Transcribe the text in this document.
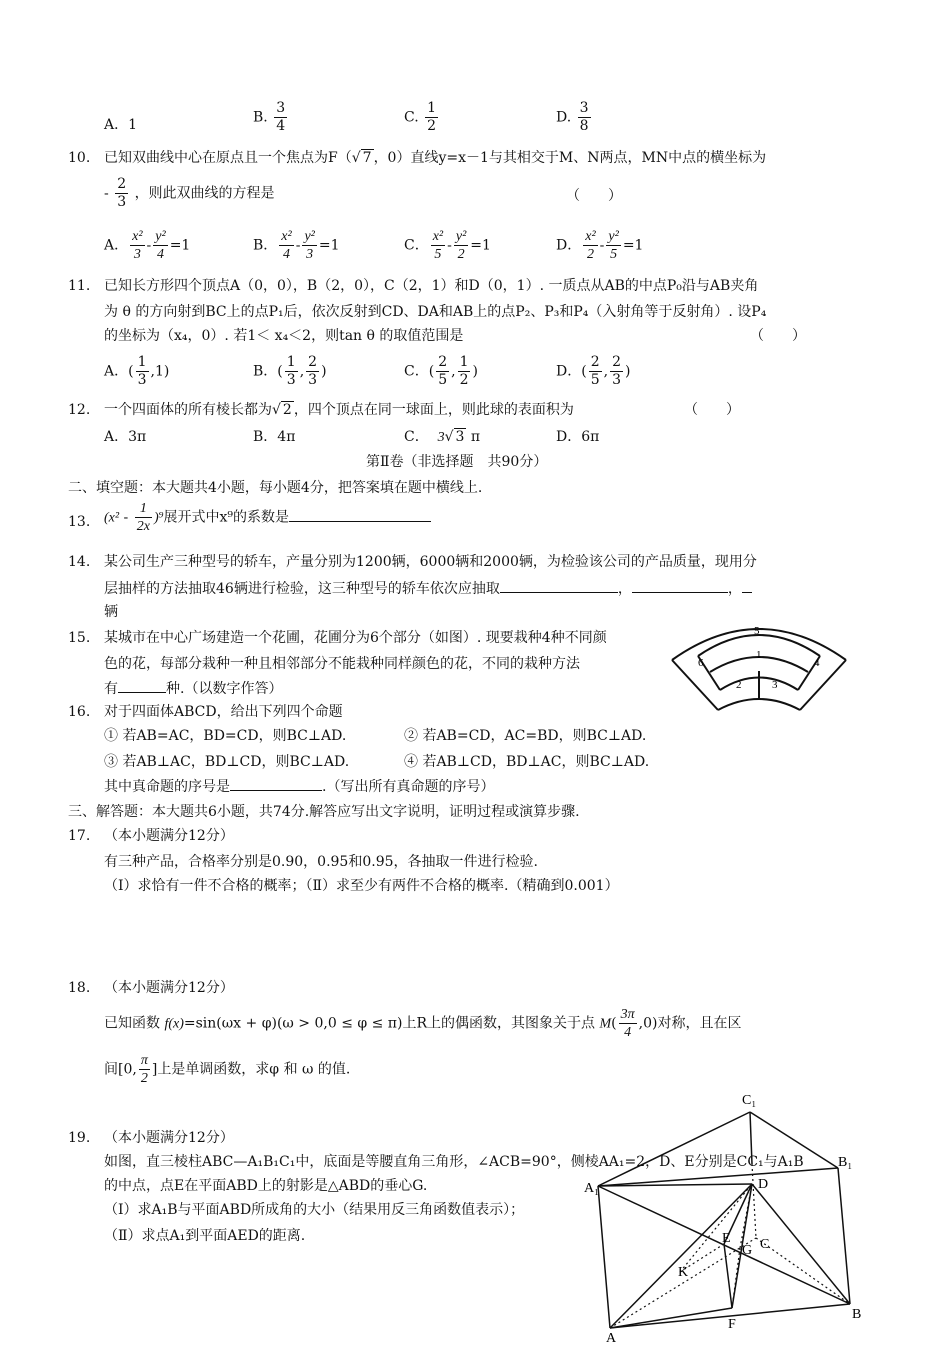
A．1	B. $\frac{3}{4}$	C. $\frac{1}{2}$	D. $\frac{3}{8}$
10. 已知双曲线中心在原点且一个焦点为F（√ 7 ，0）直线y=x－1与其相交于M、N两点，MN中点的横坐标为
- $\frac{2}{3}$ ，则此双曲线的方程是	（　　）
A． $\frac{\text{x²}}{3} - \frac{\text{y²}}{4} =1$	B． $\frac{\text{x²}}{4} - \frac{\text{y²}}{3} =1$	C． $\frac{\text{x²}}{5} - \frac{\text{y²}}{2} =1$	D． $\frac{\text{x²}}{2} - \frac{\text{y²}}{5} =1$
11. 已知长方形四个顶点A（0，0），B（2，0），C（2，1）和D（0，1）. 一质点从AB的中点P₀沿与AB夹角
为 θ 的方向射到BC上的点P₁后，依次反射到CD、DA和AB上的点P₂、P₃和P₄（入射角等于反射角）. 设P₄
的坐标为（x₄，0）. 若1＜ x₄＜2，则tan θ 的取值范围是	（　　）
A．( $\frac{1}{3} ,1$)	B．( $\frac{1}{3}$ , $\frac{2}{3}$ )	C．( $\frac{2}{5}$ , $\frac{1}{2}$ )	D．( $\frac{2}{5}$ , $\frac{2}{3}$ )
12. 一个四面体的所有棱长都为√ 2 ，四个顶点在同一球面上，则此球的表面积为	（　　）
A．3π	B．4π	C． 3√ 3 π	D．6π
第Ⅱ卷（非选择题　共90分）
二、填空题：本大题共4小题，每小题4分，把答案填在题中横线上.
13. $(x^2 - \frac{1}{2x} )^9$展开式中x⁹的系数是
14. 某公司生产三种型号的轿车，产量分别为1200辆，6000辆和2000辆，为检验该公司的产品质量，现用分
层抽样的方法抽取46辆进行检验，这三种型号的轿车依次应抽取	，	，
辆
15. 某城市在中心广场建造一个花圃，花圃分为6个部分（如图）. 现要栽种4种不同颜
色的花，每部分栽种一种且相邻部分不能栽种同样颜色的花，不同的栽种方法
有	种.（以数字作答）
5
1
2	3
6	4
16. 对于四面体ABCD，给出下列四个命题
① 若AB=AC，BD=CD，则BC⊥AD.	② 若AB=CD，AC=BD，则BC⊥AD.
③ 若AB⊥AC，BD⊥CD，则BC⊥AD.	④ 若AB⊥CD，BD⊥AC，则BC⊥AD.
其中真命题的序号是	.（写出所有真命题的序号）
三、解答题：本大题共6小题，共74分.解答应写出文字说明，证明过程或演算步骤.
17. （本小题满分12分）
有三种产品，合格率分别是0.90，0.95和0.95，各抽取一件进行检验.
（Ⅰ）求恰有一件不合格的概率；（Ⅱ）求至少有两件不合格的概率.（精确到0.001）
18. （本小题满分12分）
已知函数 f(x)=sin(ωx + φ)(ω > 0,0 ≤ φ ≤ π)上R上的偶函数，其图象关于点 $M( \frac{3\pi}{4} ,0)$对称，且在区
间[0, $\frac{\pi}{2}$ ]上是单调函数，求φ 和 ω 的值.
19. （本小题满分12分）
如图，直三棱柱ABC—A₁B₁C₁中，底面是等腰直角三角形，∠ACB=90°，侧棱AA₁=2，D、E分别是CC₁与A₁B
的中点，点E在平面ABD上的射影是△ABD的垂心G.
（Ⅰ）求A₁B与平面ABD所成角的大小（结果用反三角函数值表示）；
（Ⅱ）求点A₁到平面AED的距离.
C₁
B₁
A₁	D
E
G C
K
A
F
B
